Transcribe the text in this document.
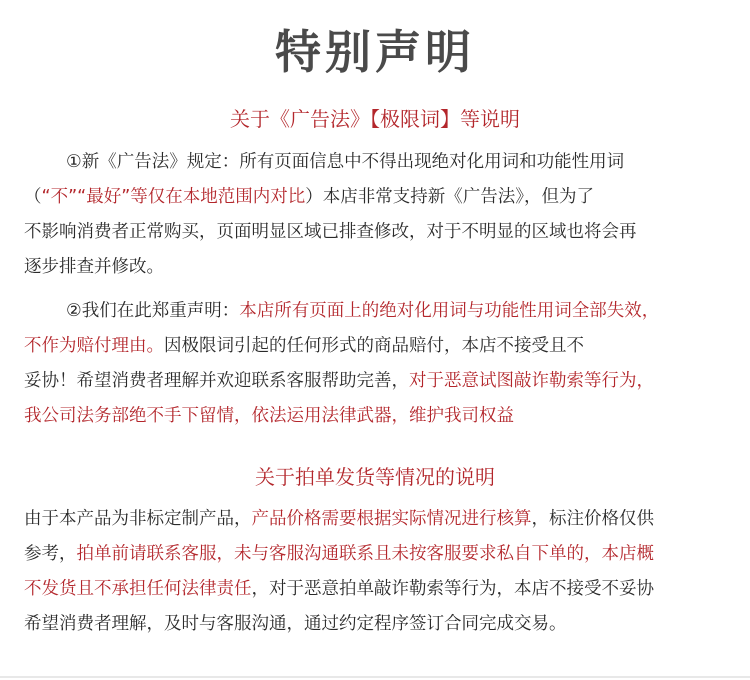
特别声明
关于《广告法》【极限词】等说明
①新《广告法》规定：所有页面信息中不得出现绝对化用词和功能性用词
（“不”“最好”等仅在本地范围内对比）本店非常支持新《广告法》，但为了
不影响消费者正常购买，页面明显区域已排查修改，对于不明显的区域也将会再
逐步排查并修改。
②我们在此郑重声明：本店所有页面上的绝对化用词与功能性用词全部失效，
不作为赔付理由。因极限词引起的任何形式的商品赔付，本店不接受且不
妥协！希望消费者理解并欢迎联系客服帮助完善，对于恶意试图敲诈勒索等行为，
我公司法务部绝不手下留情，依法运用法律武器，维护我司权益
关于拍单发货等情况的说明
由于本产品为非标定制产品，产品价格需要根据实际情况进行核算，标注价格仅供
参考，拍单前请联系客服，未与客服沟通联系且未按客服要求私自下单的，本店概
不发货且不承担任何法律责任，对于恶意拍单敲诈勒索等行为，本店不接受不妥协
希望消费者理解，及时与客服沟通，通过约定程序签订合同完成交易。
